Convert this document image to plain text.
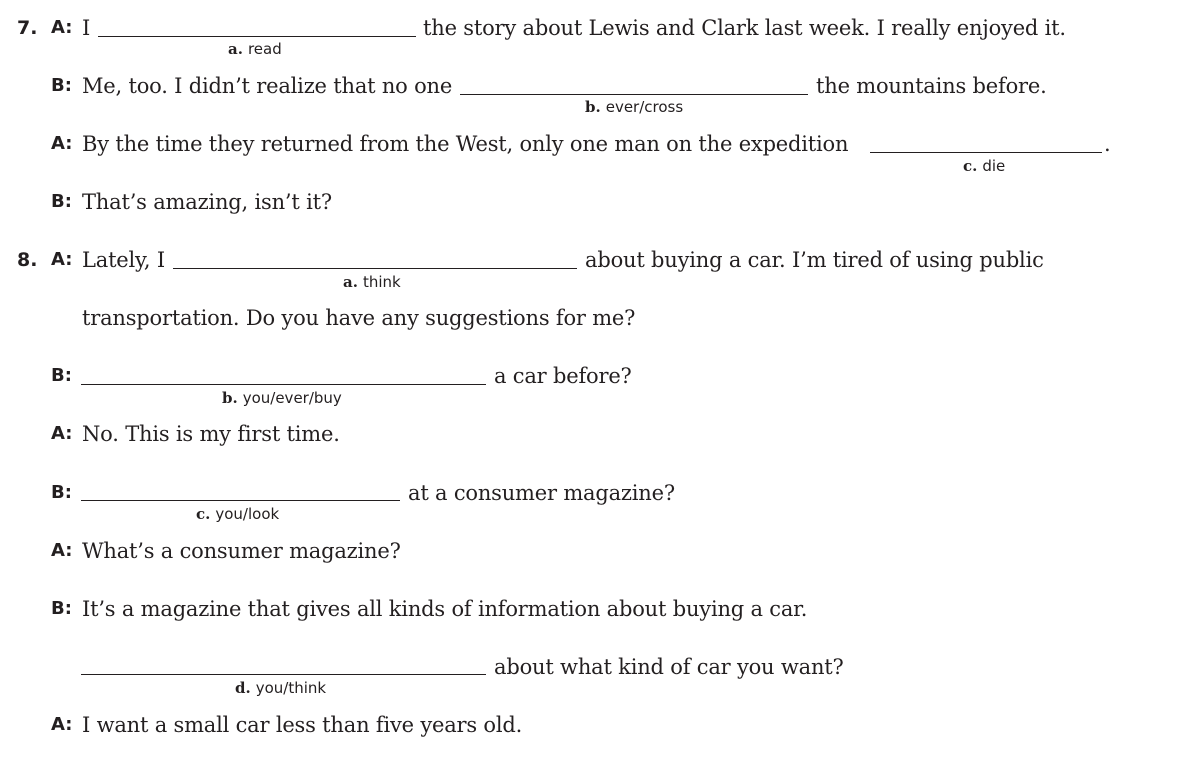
7. A: I	the story about Lewis and Clark last week. I really enjoyed it.
a. read
B: Me, too. I didn’t realize that no one	the mountains before.
b. ever/cross
A: By the time they returned from the West, only one man on the expedition	.
c. die
B: That’s amazing, isn’t it?
8. A: Lately, I	about buying a car. I’m tired of using public
a. think
transportation. Do you have any suggestions for me?
B:	a car before?
b. you/ever/buy
A: No. This is my first time.
B:	at a consumer magazine?
c. you/look
A: What’s a consumer magazine?
B: It’s a magazine that gives all kinds of information about buying a car.
about what kind of car you want?
d. you/think
A: I want a small car less than five years old.
